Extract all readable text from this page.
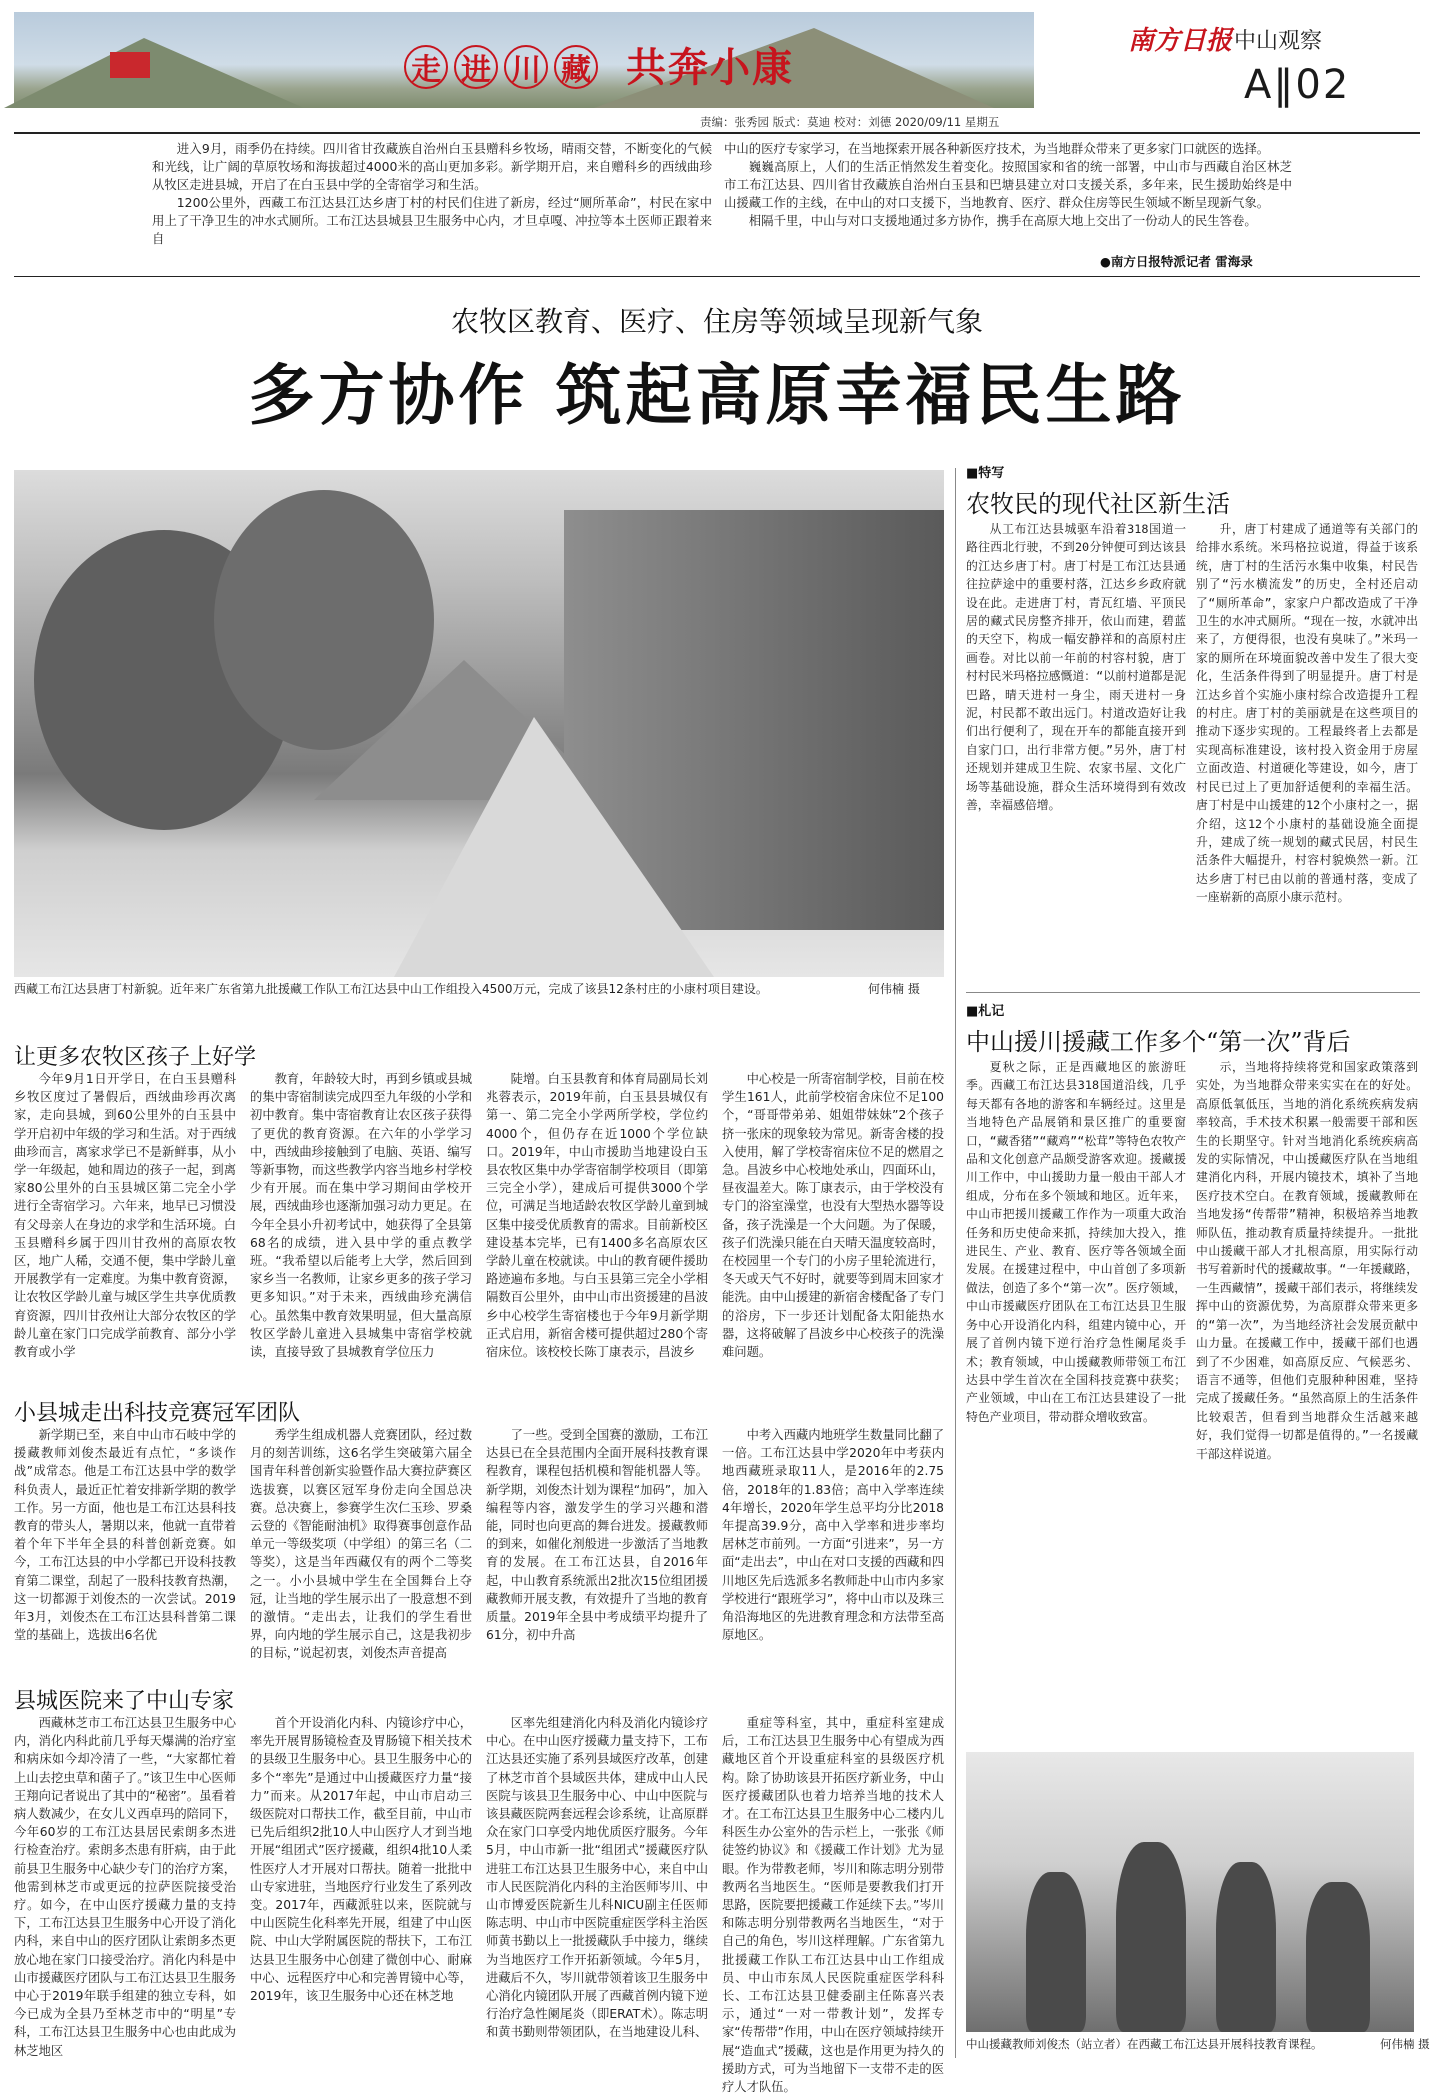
走 进 川 藏 共奔小康
南方日报 中山观察
A‖02
责编：张秀园 版式：莫迪 校对：刘德 2020/09/11 星期五

进入9月，雨季仍在持续。四川省甘孜藏族自治州白玉县赠科乡牧场，晴雨交替，不断变化的气候和光线，让广阔的草原牧场和海拔超过4000米的高山更加多彩。新学期开启，来自赠科乡的西绒曲珍从牧区走进县城，开启了在白玉县中学的全寄宿学习和生活。

1200公里外，西藏工布江达县江达乡唐丁村的村民们住进了新房，经过“厕所革命”，村民在家中用上了干净卫生的冲水式厕所。工布江达县城县卫生服务中心内，才旦卓嘎、冲拉等本土医师正跟着来自

中山的医疗专家学习，在当地探索开展各种新医疗技术，为当地群众带来了更多家门口就医的选择。

巍巍高原上，人们的生活正悄然发生着变化。按照国家和省的统一部署，中山市与西藏自治区林芝市工布江达县、四川省甘孜藏族自治州白玉县和巴塘县建立对口支援关系，多年来，民生援助始终是中山援藏工作的主线，在中山的对口支援下，当地教育、医疗、群众住房等民生领域不断呈现新气象。

相隔千里，中山与对口支援地通过多方协作，携手在高原大地上交出了一份动人的民生答卷。

●南方日报特派记者 雷海录
农牧区教育、医疗、住房等领域呈现新气象
多方协作 筑起高原幸福民生路
西藏工布江达县唐丁村新貌。近年来广东省第九批援藏工作队工布江达县中山工作组投入4500万元，完成了该县12条村庄的小康村项目建设。	何伟楠 摄
让更多农牧区孩子上好学

今年9月1日开学日，在白玉县赠科乡牧区度过了暑假后，西绒曲珍再次离家，走向县城，到60公里外的白玉县中学开启初中年级的学习和生活。对于西绒曲珍而言，离家求学已不是新鲜事，从小学一年级起，她和周边的孩子一起，到离家80公里外的白玉县城区第二完全小学进行全寄宿学习。六年来，地早已习惯没有父母亲人在身边的求学和生活环境。白玉县赠科乡属于四川甘孜州的高原农牧区，地广人稀，交通不便，集中学龄儿童开展教学有一定难度。为集中教育资源，让农牧区学龄儿童与城区学生共享优质教育资源，四川甘孜州让大部分农牧区的学龄儿童在家门口完成学前教育、部分小学教育或小学

教育，年龄较大时，再到乡镇或县城的集中寄宿制读完成四至九年级的小学和初中教育。集中寄宿教育让农区孩子获得了更优的教育资源。在六年的小学学习中，西绒曲珍接触到了电脑、英语、编写等新事物，而这些教学内容当地乡村学校少有开展。而在集中学习期间由学校开展，西绒曲珍也逐渐加强习动力更足。在今年全县小升初考试中，她获得了全县第68名的成绩，进入县中学的重点教学班。“我希望以后能考上大学，然后回到家乡当一名教师，让家乡更多的孩子学习更多知识。”对于未来，西绒曲珍充满信心。虽然集中教育效果明显，但大量高原牧区学龄儿童进入县城集中寄宿学校就读，直接导致了县城教育学位压力

陡增。白玉县教育和体育局副局长刘兆蓉表示，2019年前，白玉县县城仅有第一、第二完全小学两所学校，学位约4000个，但仍存在近1000个学位缺口。2019年，中山市援助当地建设白玉县农牧区集中办学寄宿制学校项目（即第三完全小学），建成后可提供3000个学位，可满足当地适龄农牧区学龄儿童到城区集中接受优质教育的需求。目前新校区建设基本完毕，已有1400多名高原农区学龄儿童在校就读。中山的教育硬件援助路迹遍布多地。与白玉县第三完全小学相隔数百公里外，由中山市出资援建的昌波乡中心校学生寄宿楼也于今年9月新学期正式启用，新宿舍楼可提供超过280个寄宿床位。该校校长陈丁康表示，昌波乡

中心校是一所寄宿制学校，目前在校学生161人，此前学校宿舍床位不足100个，“哥哥带弟弟、姐姐带妹妹”2个孩子挤一张床的现象较为常见。新寄舍楼的投入使用，解了学校寄宿床位不足的燃眉之急。昌波乡中心校地处承山，四面环山，昼夜温差大。陈丁康表示，由于学校没有专门的浴室澡堂，也没有大型热水器等设备，孩子洗澡是一个大问题。为了保暖，孩子们洗澡只能在白天晴天温度较高时，在校园里一个专门的小房子里轮流进行，冬天或天气不好时，就要等到周末回家才能洗。由中山援建的新宿舍楼配备了专门的浴房，下一步还计划配备太阳能热水器，这将破解了昌波乡中心校孩子的洗澡难问题。

小县城走出科技竞赛冠军团队

新学期已至，来自中山市石岐中学的援藏教师刘俊杰最近有点忙，“多谈作战”成常态。他是工布江达县中学的数学科负责人，最近正忙着安排新学期的教学工作。另一方面，他也是工布江达县科技教育的带头人，暑期以来，他就一直带着着个年下半年全县的科普创新竞赛。如今，工布江达县的中小学都已开设科技教育第二课堂，刮起了一股科技教育热潮，这一切都源于刘俊杰的一次尝试。2019年3月，刘俊杰在工布江达县科普第二课堂的基础上，选拔出6名优

秀学生组成机器人竞赛团队，经过数月的刻苦训练，这6名学生突破第六届全国青年科普创新实验暨作品大赛拉萨赛区选拔赛，以赛区冠军身份走向全国总决赛。总决赛上，参赛学生次仁玉珍、罗桑云登的《智能耐油机》取得赛事创意作品单元一等级奖项（中学组）的第三名（二等奖），这是当年西藏仅有的两个二等奖之一。小小县城中学生在全国舞台上夺冠，让当地的学生展示出了一股意想不到的激情。“走出去，让我们的学生看世界，向内地的学生展示自己，这是我初步的目标，”说起初衷，刘俊杰声音提高

了一些。受到全国赛的激励，工布江达县已在全县范围内全面开展科技教育课程教育，课程包括机模和智能机器人等。新学期，刘俊杰计划为课程“加码”，加入编程等内容，激发学生的学习兴趣和潜能，同时也向更高的舞台进发。援藏教师的到来，如催化剂般进一步激活了当地教育的发展。在工布江达县，自2016年起，中山教育系统派出2批次15位组团援藏教师开展支教，有效提升了当地的教育质量。2019年全县中考成绩平均提升了61分，初中升高

中考入西藏内地班学生数量同比翻了一倍。工布江达县中学2020年中考获内地西藏班录取11人，是2016年的2.75倍，2018年的1.83倍；高中入学率连续4年增长，2020年学生总平均分比2018年提高39.9分，高中入学率和进步率均居林芝市前列。一方面“引进来”，另一方面“走出去”，中山在对口支援的西藏和四川地区先后选派多名教师赴中山市内多家学校进行“跟班学习”，将中山市以及珠三角沿海地区的先进教育理念和方法带至高原地区。

县城医院来了中山专家

西藏林芝市工布江达县卫生服务中心内，消化内科此前几乎每天爆满的治疗室和病床如今却冷清了一些，“大家都忙着上山去挖虫草和菌子了。”该卫生中心医师王翔向记者说出了其中的“秘密”。虽看着病人数减少，在女儿义西卓玛的陪同下，今年60岁的工布江达县居民索朗多杰进行检查治疗。索朗多杰患有肝病，由于此前县卫生服务中心缺少专门的治疗方案，他需到林芝市或更远的拉萨医院接受治疗。如今，在中山医疗援藏力量的支持下，工布江达县卫生服务中心开设了消化内科，来自中山的医疗团队让索朗多杰更放心地在家门口接受治疗。消化内科是中山市援藏医疗团队与工布江达县卫生服务中心于2019年联手组建的独立专科，如今已成为全县乃至林芝市中的“明星”专科，工布江达县卫生服务中心也由此成为林芝地区

首个开设消化内科、内镜诊疗中心，率先开展胃肠镜检查及胃肠镜下相关技术的县级卫生服务中心。县卫生服务中心的多个“率先”是通过中山援藏医疗力量“接力”而来。从2017年起，中山市启动三级医院对口帮扶工作，截至目前，中山市已先后组织2批10人中山医疗人才到当地开展“组团式”医疗援藏，组织4批10人柔性医疗人才开展对口帮扶。随着一批批中山专家进驻，当地医疗行业发生了系列改变。2017年，西藏派驻以来，医院就与中山医院生化科率先开展，组建了中山医院、中山大学附属医院的帮扶下，工布江达县卫生服务中心创建了微创中心、耐麻中心、远程医疗中心和完善胃镜中心等，2019年，该卫生服务中心还在林芝地

区率先组建消化内科及消化内镜诊疗中心。在中山医疗援藏力量支持下，工布江达县还实施了系列县域医疗改革，创建了林芝市首个县域医共体，建成中山人民医院与该县卫生服务中心、中山中医院与该县藏医院两套远程会诊系统，让高原群众在家门口享受内地优质医疗服务。今年5月，中山市新一批“组团式”援藏医疗队进驻工布江达县卫生服务中心，来自中山市人民医院消化内科的主治医师岑川、中山市博爱医院新生儿科NICU副主任医师陈志明、中山市中医院重症医学科主治医师黄书勤以上一批援藏队手中接力，继续为当地医疗工作开拓新领域。今年5月，进藏后不久，岑川就带领着该卫生服务中心消化内镜团队开展了西藏首例内镜下逆行治疗急性阑尾炎（即ERAT术）。陈志明和黄书勤则带领团队，在当地建设儿科、

重症等科室，其中，重症科室建成后，工布江达县卫生服务中心有望成为西藏地区首个开设重症科室的县级医疗机构。除了协助该县开拓医疗新业务，中山医疗援藏团队也着力培养当地的技术人才。在工布江达县卫生服务中心二楼内儿科医生办公室外的告示栏上，一张张《师徒签约协议》和《援藏工作计划》尤为显眼。作为带教老师，岑川和陈志明分别带教两名当地医生。“医师是要教我们打开思路，医院要把援藏工作延续下去。”岑川和陈志明分别带教两名当地医生，“对于自己的角色，岑川这样理解。广东省第九批援藏工作队工布江达县中山工作组成员、中山市东凤人民医院重症医学科科长、工布江达县卫健委副主任陈喜兴表示，通过“一对一带教计划”，发挥专家“传帮带”作用，中山在医疗领域持续开展“造血式”援藏，这也是作用更为持久的援助方式，可为当地留下一支带不走的医疗人才队伍。

■特写
农牧民的现代社区新生活

从工布江达县城驱车沿着318国道一路往西北行驶，不到20分钟便可到达该县的江达乡唐丁村。唐丁村是工布江达县通往拉萨途中的重要村落，江达乡乡政府就设在此。走进唐丁村，青瓦红墙、平顶民居的藏式民房整齐排开，依山而建，碧蓝的天空下，构成一幅安静祥和的高原村庄画卷。对比以前一年前的村容村貌，唐丁村村民米玛格拉感慨道：“以前村道都是泥巴路，晴天进村一身尘，雨天进村一身泥，村民都不敢出远门。村道改造好让我们出行便利了，现在开车的都能直接开到自家门口，出行非常方便。”另外，唐丁村还规划并建成卫生院、农家书屋、文化广场等基础设施，群众生活环境得到有效改善，幸福感倍增。

升，唐丁村建成了通道等有关部门的给排水系统。米玛格拉说道，得益于该系统，唐丁村的生活污水集中收集，村民告别了“污水横流发”的历史，全村还启动了“厕所革命”，家家户户都改造成了干净卫生的水冲式厕所。“现在一按，水就冲出来了，方便得很，也没有臭味了。”米玛一家的厕所在环境面貌改善中发生了很大变化，生活条件得到了明显提升。唐丁村是江达乡首个实施小康村综合改造提升工程的村庄。唐丁村的美丽就是在这些项目的推动下逐步实现的。工程最终者上去都是实现高标准建设，该村投入资金用于房屋立面改造、村道硬化等建设，如今，唐丁村民已过上了更加舒适便利的幸福生活。唐丁村是中山援建的12个小康村之一，据介绍，这12个小康村的基础设施全面提升，建成了统一规划的藏式民居，村民生活条件大幅提升，村容村貌焕然一新。江达乡唐丁村已由以前的普通村落，变成了一座崭新的高原小康示范村。

■札记
中山援川援藏工作多个“第一次”背后

夏秋之际，正是西藏地区的旅游旺季。西藏工布江达县318国道沿线，几乎每天都有各地的游客和车辆经过。这里是当地特色产品展销和景区推广的重要窗口，“藏香猪”“藏鸡”“松茸”等特色农牧产品和文化创意产品颇受游客欢迎。援藏援川工作中，中山援助力量一般由干部人才组成，分布在多个领域和地区。近年来，中山市把援川援藏工作作为一项重大政治任务和历史使命来抓，持续加大投入，推进民生、产业、教育、医疗等各领域全面发展。在援建过程中，中山首创了多项新做法，创造了多个“第一次”。医疗领域，中山市援藏医疗团队在工布江达县卫生服务中心开设消化内科，组建内镜中心，开展了首例内镜下逆行治疗急性阑尾炎手术；教育领域，中山援藏教师带领工布江达县中学生首次在全国科技竞赛中获奖；产业领域，中山在工布江达县建设了一批特色产业项目，带动群众增收致富。

示，当地将持续将党和国家政策落到实处，为当地群众带来实实在在的好处。高原低氧低压，当地的消化系统疾病发病率较高，手术技术积累一般需要干部和医生的长期坚守。针对当地消化系统疾病高发的实际情况，中山援藏医疗队在当地组建消化内科，开展内镜技术，填补了当地医疗技术空白。在教育领域，援藏教师在当地发扬“传帮带”精神，积极培养当地教师队伍，推动教育质量持续提升。一批批中山援藏干部人才扎根高原，用实际行动书写着新时代的援藏故事。“一年援藏路，一生西藏情”，援藏干部们表示，将继续发挥中山的资源优势，为高原群众带来更多的“第一次”，为当地经济社会发展贡献中山力量。在援藏工作中，援藏干部们也遇到了不少困难，如高原反应、气候恶劣、语言不通等，但他们克服种种困难，坚持完成了援藏任务。“虽然高原上的生活条件比较艰苦，但看到当地群众生活越来越好，我们觉得一切都是值得的。”一名援藏干部这样说道。

中山援藏教师刘俊杰（站立者）在西藏工布江达县开展科技教育课程。	何伟楠 摄
